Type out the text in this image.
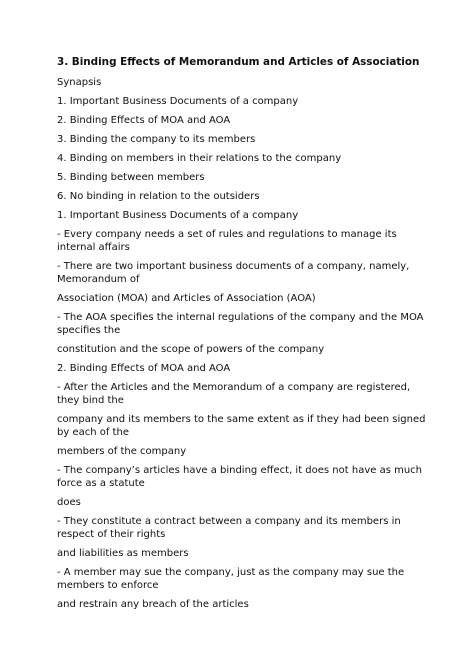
3. Binding Effects of Memorandum and Articles of Association
Synapsis
1. Important Business Documents of a company
2. Binding Effects of MOA and AOA
3. Binding the company to its members
4. Binding on members in their relations to the company
5. Binding between members
6. No binding in relation to the outsiders
1. Important Business Documents of a company
- Every company needs a set of rules and regulations to manage its internal affairs
- There are two important business documents of a company, namely, Memorandum of
Association (MOA) and Articles of Association (AOA)
- The AOA specifies the internal regulations of the company and the MOA specifies the
constitution and the scope of powers of the company
2. Binding Effects of MOA and AOA
- After the Articles and the Memorandum of a company are registered, they bind the
company and its members to the same extent as if they had been signed by each of the
members of the company
- The company’s articles have a binding effect, it does not have as much force as a statute
does
- They constitute a contract between a company and its members in respect of their rights
and liabilities as members
- A member may sue the company, just as the company may sue the members to enforce
and restrain any breach of the articles
